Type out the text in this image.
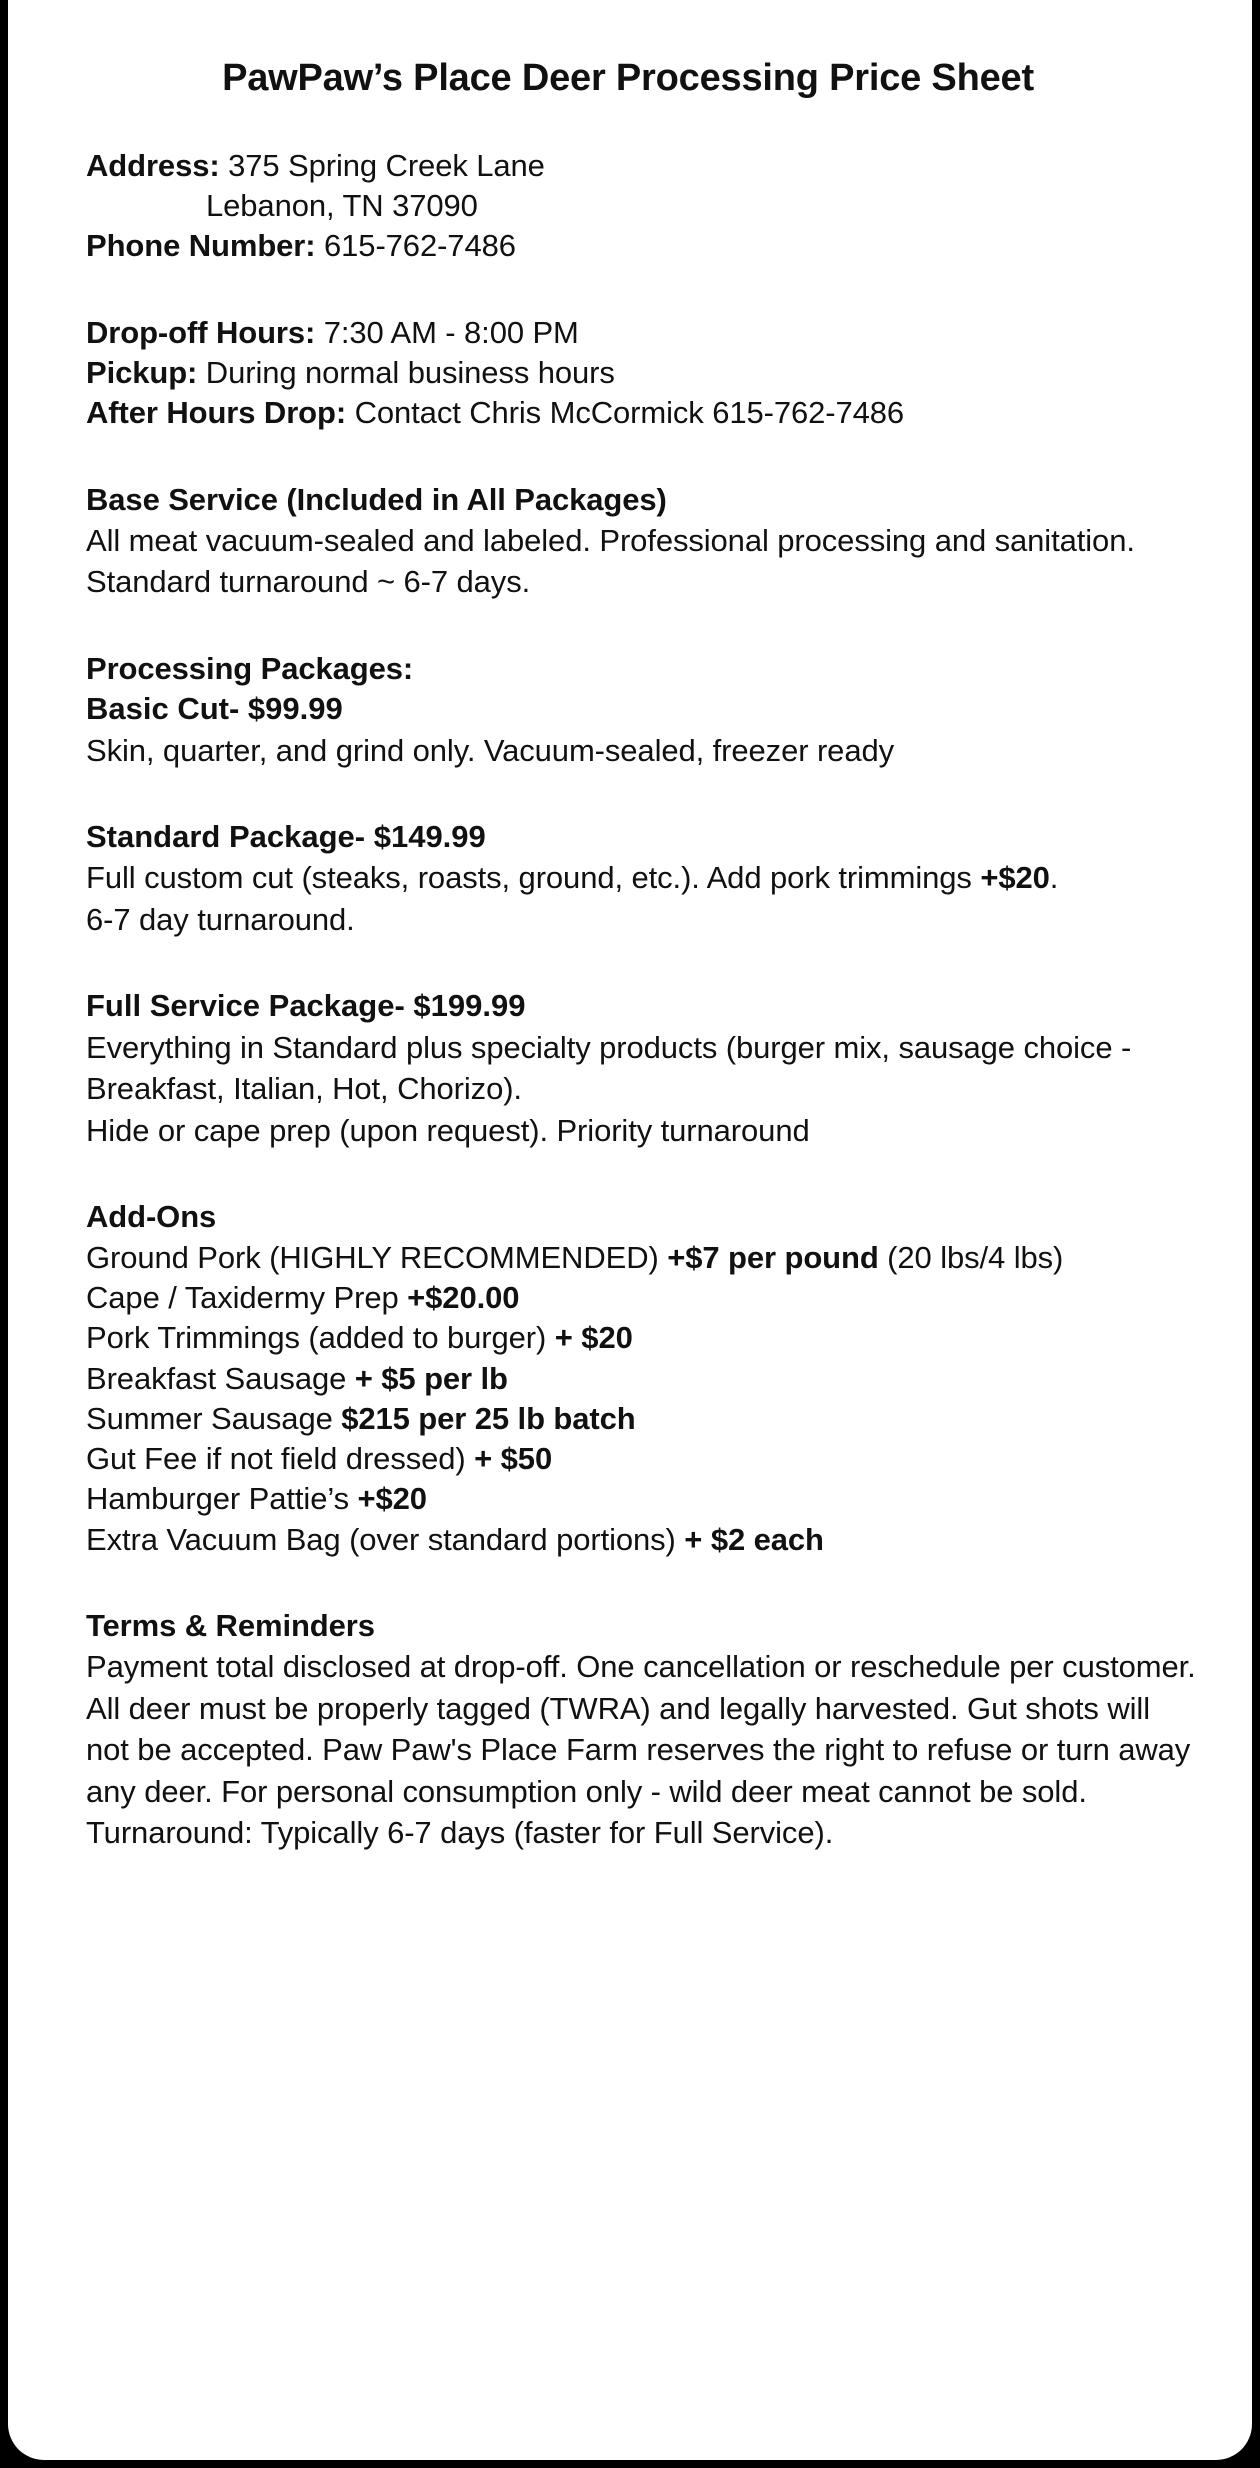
PawPaw’s Place Deer Processing Price Sheet

Address: 375 Spring Creek Lane

Lebanon, TN 37090

Phone Number: 615-762-7486

Drop-off Hours: 7:30 AM - 8:00 PM

Pickup: During normal business hours

After Hours Drop: Contact Chris McCormick 615-762-7486

Base Service (Included in All Packages)

All meat vacuum-sealed and labeled. Professional processing and sanitation. Standard turnaround ~ 6-7 days.

Processing Packages:

Basic Cut- $99.99

Skin, quarter, and grind only. Vacuum-sealed, freezer ready

Standard Package- $149.99

Full custom cut (steaks, roasts, ground, etc.). Add pork trimmings +$20.

6-7 day turnaround.

Full Service Package- $199.99

Everything in Standard plus specialty products (burger mix, sausage choice - Breakfast, Italian, Hot, Chorizo).

Hide or cape prep (upon request). Priority turnaround

Add-Ons

Ground Pork (HIGHLY RECOMMENDED) +$7 per pound (20 lbs/4 lbs)

Cape / Taxidermy Prep +$20.00

Pork Trimmings (added to burger) + $20

Breakfast Sausage + $5 per lb

Summer Sausage $215 per 25 lb batch

Gut Fee if not field dressed) + $50

Hamburger Pattie’s +$20

Extra Vacuum Bag (over standard portions) + $2 each

Terms & Reminders

Payment total disclosed at drop-off. One cancellation or reschedule per customer. All deer must be properly tagged (TWRA) and legally harvested. Gut shots will not be accepted. Paw Paw's Place Farm reserves the right to refuse or turn away any deer. For personal consumption only - wild deer meat cannot be sold. Turnaround: Typically 6-7 days (faster for Full Service).
